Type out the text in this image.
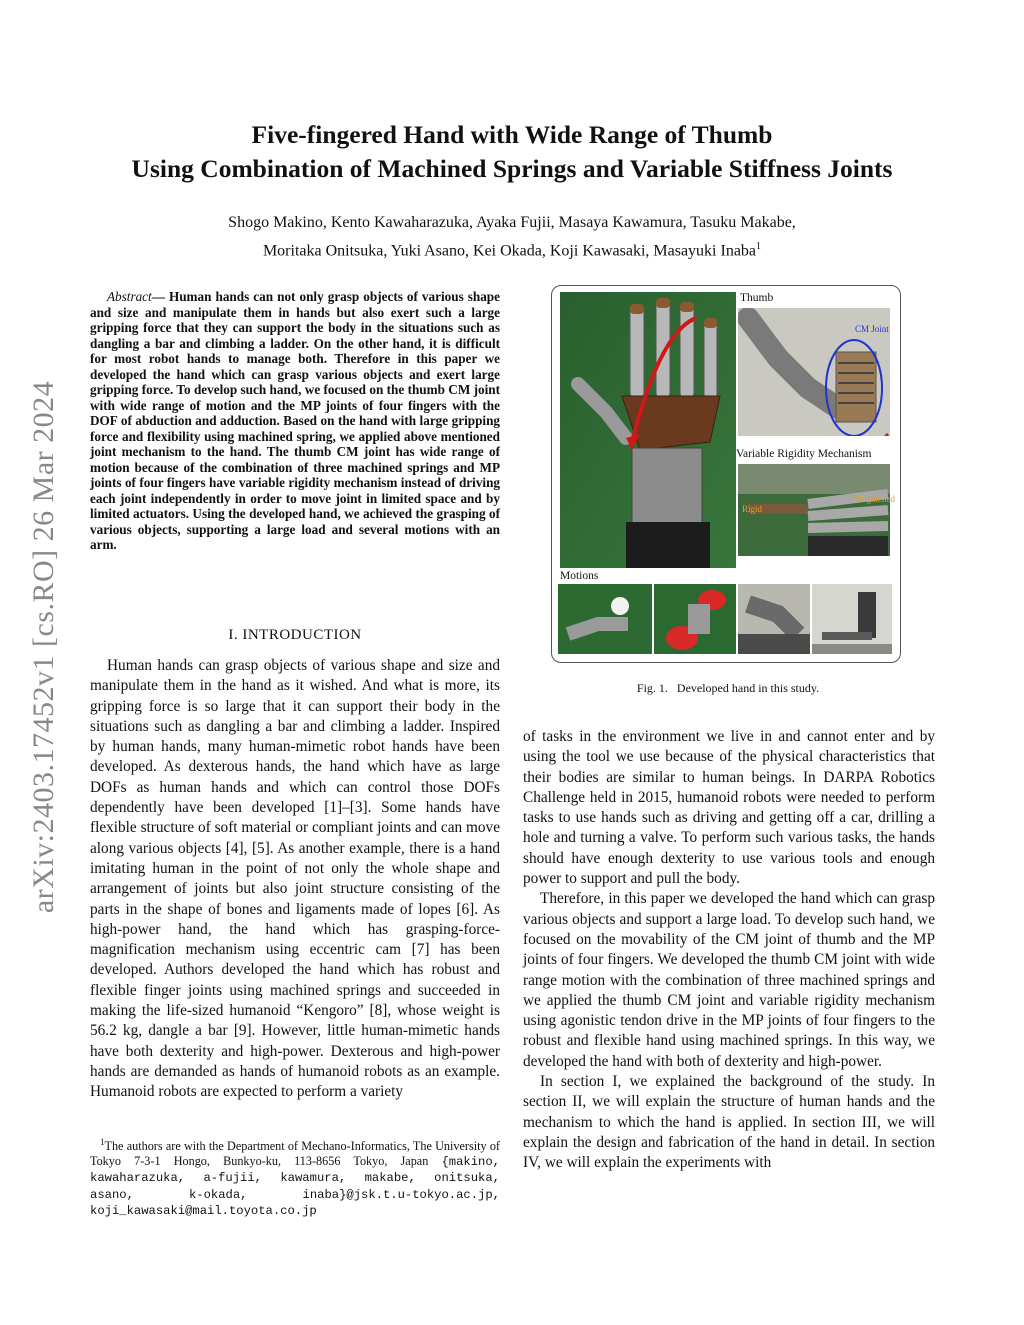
arXiv:2403.17452v1 [cs.RO] 26 Mar 2024
Five-fingered Hand with Wide Range of Thumb
Using Combination of Machined Springs and Variable Stiffness Joints
Shogo Makino, Kento Kawaharazuka, Ayaka Fujii, Masaya Kawamura, Tasuku Makabe,
Moritaka Onitsuka, Yuki Asano, Kei Okada, Koji Kawasaki, Masayuki Inaba$^1$
Abstract— Human hands can not only grasp objects of various shape and size and manipulate them in hands but also exert such a large gripping force that they can support the body in the situations such as dangling a bar and climbing a ladder. On the other hand, it is difficult for most robot hands to manage both. Therefore in this paper we developed the hand which can grasp various objects and exert large gripping force. To develop such hand, we focused on the thumb CM joint with wide range of motion and the MP joints of four fingers with the DOF of abduction and adduction. Based on the hand with large gripping force and flexibility using machined spring, we applied above mentioned joint mechanism to the hand. The thumb CM joint has wide range of motion because of the combination of three machined springs and MP joints of four fingers have variable rigidity mechanism instead of driving each joint independently in order to move joint in limited space and by limited actuators. Using the developed hand, we achieved the grasping of various objects, supporting a large load and several motions with an arm.
I. INTRODUCTION
Human hands can grasp objects of various shape and size and manipulate them in the hand as it wished. And what is more, its gripping force is so large that it can support their body in the situations such as dangling a bar and climbing a ladder. Inspired by human hands, many human-mimetic robot hands have been developed. As dexterous hands, the hand which have as large DOFs as human hands and which can control those DOFs dependently have been developed [1]–[3]. Some hands have flexible structure of soft material or compliant joints and can move along various objects [4], [5]. As another example, there is a hand imitating human in the point of not only the whole shape and arrangement of joints but also joint structure consisting of the parts in the shape of bones and ligaments made of lopes [6]. As high-power hand, the hand which has grasping-force-magnification mechanism using eccentric cam [7] has been developed. Authors developed the hand which has robust and flexible finger joints using machined springs and succeeded in making the life-sized humanoid “Kengoro” [8], whose weight is 56.2 kg, dangle a bar [9]. However, little human-mimetic hands have both dexterity and high-power. Dexterous and high-power hands are demanded as hands of humanoid robots as an example. Humanoid robots are expected to perform a variety
$^1$The authors are with the Department of Mechano-Informatics, The University of Tokyo 7-3-1 Hongo, Bunkyo-ku, 113-8656 Tokyo, Japan {makino, kawaharazuka, a-fujii, kawamura, makabe, onitsuka, asano, k-okada, inaba}@jsk.t.u-tokyo.ac.jp, koji_kawasaki@mail.toyota.co.jp
Thumb
CM Joint
Variable Rigidity Mechanism
Thightened
Rigid
Motions
Fig. 1.   Developed hand in this study.

of tasks in the environment we live in and cannot enter and by using the tool we use because of the physical characteristics that their bodies are similar to human beings. In DARPA Robotics Challenge held in 2015, humanoid robots were needed to perform tasks to use hands such as driving and getting off a car, drilling a hole and turning a valve. To perform such various tasks, the hands should have enough dexterity to use various tools and enough power to support and pull the body.

Therefore, in this paper we developed the hand which can grasp various objects and support a large load. To develop such hand, we focused on the movability of the CM joint of thumb and the MP joints of four fingers. We developed the thumb CM joint with wide range motion with the combination of three machined springs and we applied the thumb CM joint and variable rigidity mechanism using agonistic tendon drive in the MP joints of four fingers to the robust and flexible hand using machined springs. In this way, we developed the hand with both of dexterity and high-power.

In section I, we explained the background of the study. In section II, we will explain the structure of human hands and the mechanism to which the hand is applied. In section III, we will explain the design and fabrication of the hand in detail. In section IV, we will explain the experiments with
